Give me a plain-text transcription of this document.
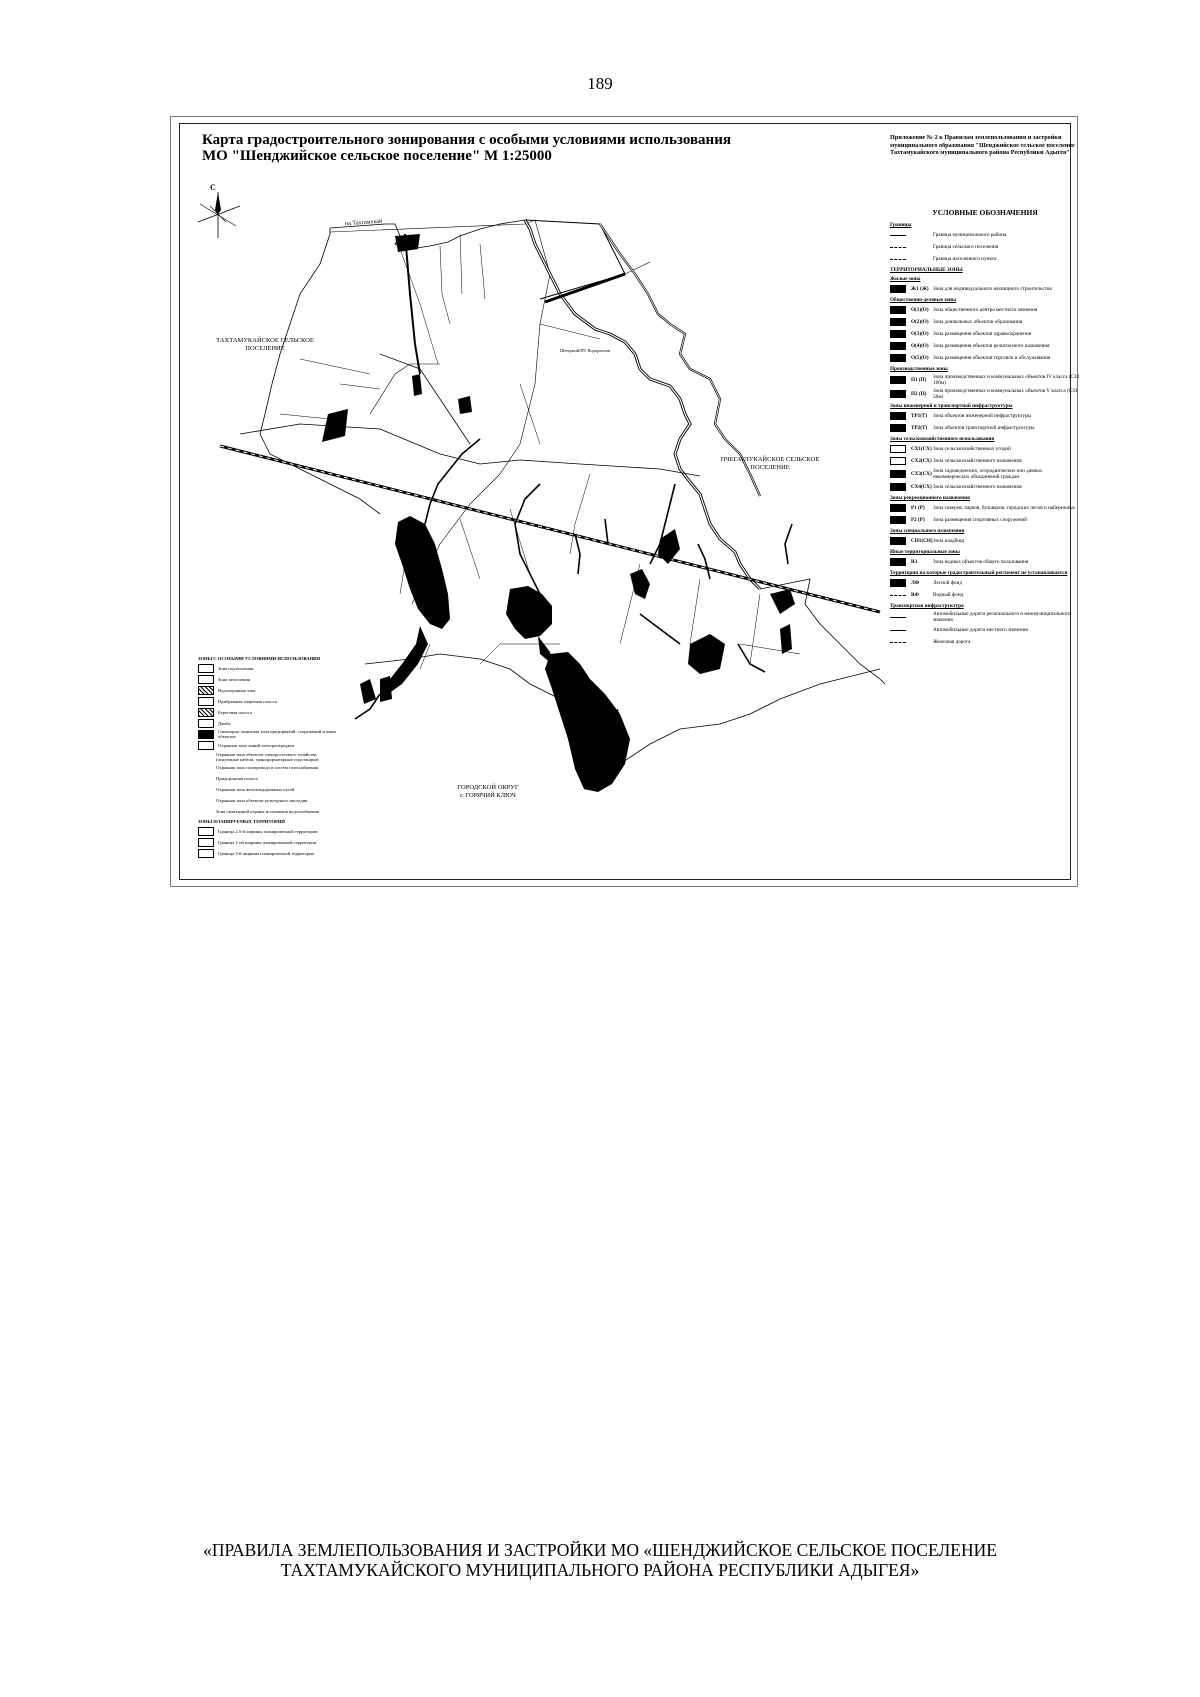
189
Карта градостроительного зонирования с особыми условиями использования
МО "Шенджийское сельское поселение" М 1:25000
Приложение № 2 к Правилам землепользования и застройки муниципального образования "Шенджийское сельское поселение Тахтамукайского муниципального района Республики Адыгея"
С
на Тахтамукай
ТАХТАМУКАЙСКОЕ СЕЛЬСКОЕ ПОСЕЛЕНИЕ
ПЧЕГАТЛУКАЙСКОЕ СЕЛЬСКОЕ ПОСЕЛЕНИЕ
Шенджий/ПТ Водоразлив
ГОРОДСКОЙ ОКРУГ
г. ГОРЯЧИЙ КЛЮЧ
УСЛОВНЫЕ ОБОЗНАЧЕНИЯ
Границы
Граница муниципального района
Граница сельского поселения
Граница населенного пункта
ТЕРРИТОРИАЛЬНЫЕ ЗОНЫ
Жилые зоны
Ж1 (Ж) Зона для индивидуального жилищного строительства
Общественно-деловые зоны
О(1)(О) Зона общественного центра местного значения
О(2)(О) Зона дошкольных объектов образования
О(3)(О) Зона размещения объектов здравоохранения
О(4)(О) Зона размещения объектов религиозного назначения
О(5)(О) Зона размещения объектов торговли и обслуживания
Производственные зоны
П1 (П)	Зона производственных и коммунальных объектов IV класса (СЗЗ 100м)
П2 (П)	Зона производственных и коммунальных объектов V класса (СЗЗ 50м)
Зоны инженерной и транспортной инфраструктуры
ТР1(Т)	Зона объектов инженерной инфраструктуры
ТР2(Т)	Зона объектов транспортной инфраструктуры
Зоны сельскохозяйственного использования
СХ1(СХ) Зона сельскохозяйственных угодий
СХ2(СХ) Зона сельскохозяйственного назначения
СХ3(СХ) Зона садоводческих, огороднических или дачных некоммерческих объединений граждан
СХ4(СХ) Зона сельскохозяйственного назначения
Зоны рекреационного назначения
Р1 (Р)	Зона скверов, парков, бульваров, городских лесов и набережных
Р2 (Р)	Зона размещения спортивных сооружений
Зоны специального назначения
СН1(СН) Зона кладбищ
Иные территориальные зоны
ВЗ	Зона водных объектов общего пользования
Территории на которые градостроительный регламент не устанавливается
ЛФ	Лесной фонд
ВФ	Водный фонд
Транспортная инфраструктура
Автомобильные дороги регионального и межмуниципального значения
Автомобильные дороги местного значения
Железная дорога
ЗОНЫ С ОСОБЫМИ УСЛОВИЯМИ ИСПОЛЬЗОВАНИЯ
Зона подтопления
Зона затопления
Водоохранная зона
Прибрежная защитная полоса
Береговая полоса
Дамба
Санитарно-защитная зона предприятий, сооружений и иных объектов
Охранная зона линий электропередачи
Охранная зона объектов электросетевого хозяйства (подземные кабели, трансформаторные подстанции)
Охранная зона газопровода и систем газоснабжения
Придорожная полоса
Охранная зона железнодорожных путей
Охранная зона объектов культурного наследия
Зона санитарной охраны источников водоснабжения
ЗОНЫ ПЛАНИРУЕМЫХ ТЕРРИТОРИЙ
Граница 2,5-й ширины планировочной территории
Граница 1-ой ширины планировочной территории
Граница 3-й ширины планировочной территории
«ПРАВИЛА ЗЕМЛЕПОЛЬЗОВАНИЯ И ЗАСТРОЙКИ МО «ШЕНДЖИЙСКОЕ СЕЛЬСКОЕ ПОСЕЛЕНИЕ
ТАХТАМУКАЙСКОГО МУНИЦИПАЛЬНОГО РАЙОНА РЕСПУБЛИКИ АДЫГЕЯ»
